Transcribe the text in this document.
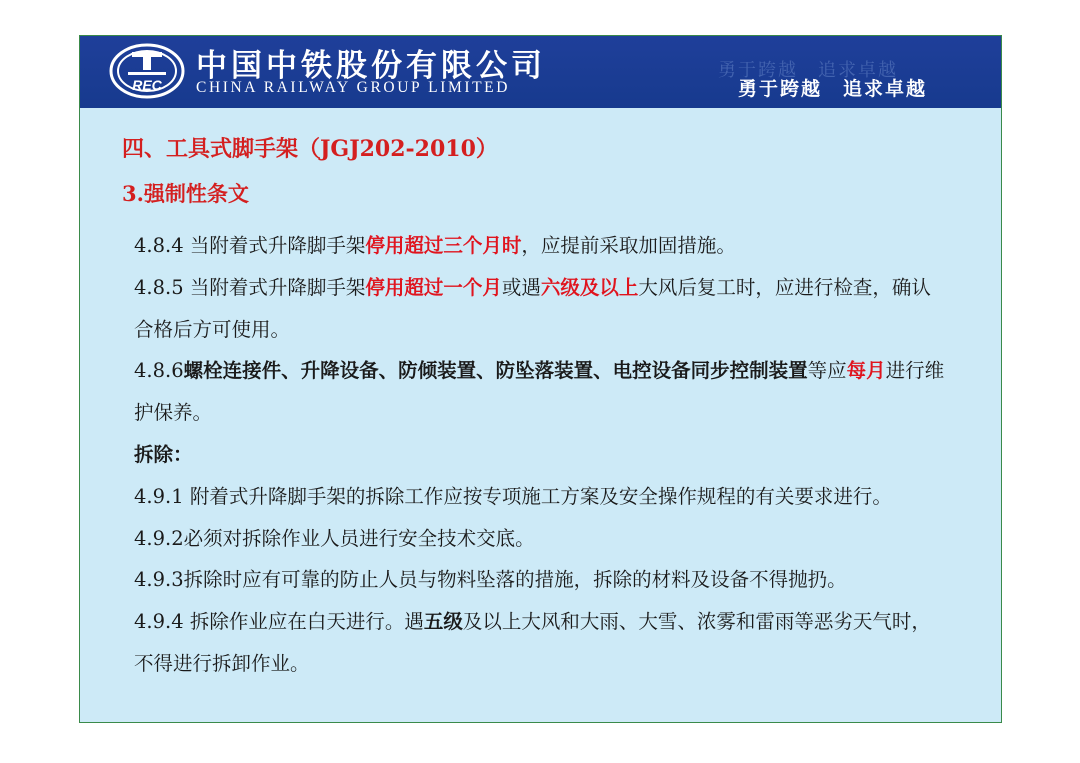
REC
中国中铁股份有限公司
CHINA RAILWAY GROUP LIMITED
勇于跨越　追求卓越
勇于跨越　追求卓越
四、工具式脚手架（JGJ202-2010）
3.强制性条文

4.8.4 当附着式升降脚手架停用超过三个月时，应提前采取加固措施。

4.8.5 当附着式升降脚手架停用超过一个月或遇六级及以上大风后复工时，应进行检查，确认合格后方可使用。

4.8.6螺栓连接件、升降设备、防倾装置、防坠落装置、电控设备同步控制装置等应每月进行维护保养。

拆除：

4.9.1 附着式升降脚手架的拆除工作应按专项施工方案及安全操作规程的有关要求进行。

4.9.2必须对拆除作业人员进行安全技术交底。

4.9.3拆除时应有可靠的防止人员与物料坠落的措施，拆除的材料及设备不得抛扔。

4.9.4 拆除作业应在白天进行。遇五级及以上大风和大雨、大雪、浓雾和雷雨等恶劣天气时，不得进行拆卸作业。
